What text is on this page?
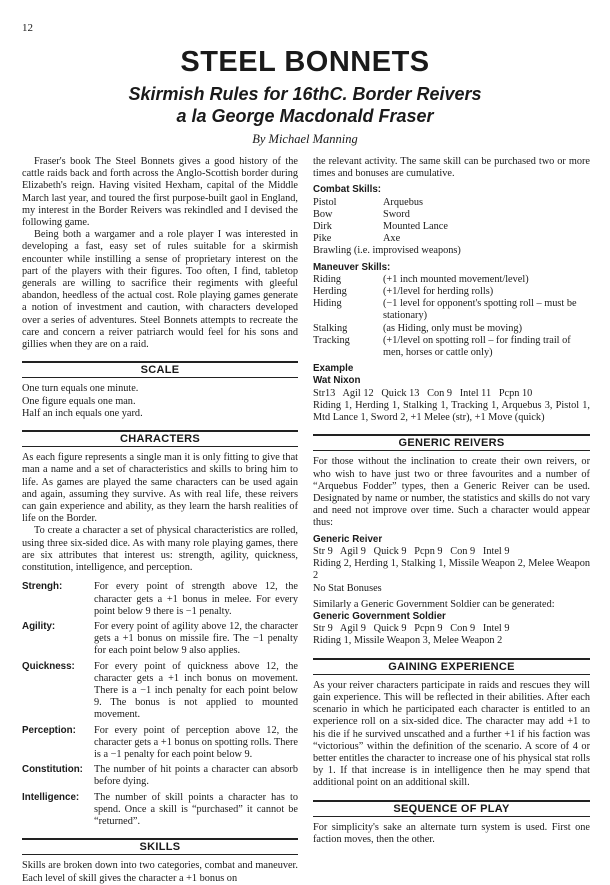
12
STEEL BONNETS
Skirmish Rules for 16thC. Border Reivers
a la George Macdonald Fraser
By Michael Manning

Fraser's book The Steel Bonnets gives a good history of the cattle raids back and forth across the Anglo-Scottish border during Elizabeth's reign. Having visited Hexham, capital of the Middle March last year, and toured the first purpose-built gaol in England, my interest in the Border Reivers was rekindled and I devised the following game.

Being both a wargamer and a role player I was interested in developing a fast, easy set of rules suitable for a skirmish encounter while instilling a sense of proprietary interest on the part of the players with their figures. Too often, I find, tabletop generals are willing to sacrifice their regiments with gleeful abandon, heedless of the actual cost. Role playing games generate a notion of investment and caution, with characters developed over a series of adventures. Steel Bonnets attempts to recreate the care and concern a reiver patriarch would feel for his sons and gillies when they are on a raid.

SCALE
One turn equals one minute.
One figure equals one man.
Half an inch equals one yard.
CHARACTERS

As each figure represents a single man it is only fitting to give that man a name and a set of characteristics and skills to bring him to life. As games are played the same characters can be used again and again, assuming they survive. As with real life, these reivers can gain experience and ability, as they learn the harsh realities of life on the Border.

To create a character a set of physical characteristics are rolled, using three six-sided dice. As with many role playing games, there are six attributes that interest us: strength, agility, quickness, constitution, intelligence, and perception.

Strengh:	For every point of strength above 12, the character gets a +1 bonus in melee. For every point below 9 there is −1 penalty.
Agility:	For every point of agility above 12, the character gets a +1 bonus on missile fire. The −1 penalty for each point below 9 also applies.
Quickness:	For every point of quickness above 12, the character gets a +1 inch bonus on movement. There is a −1 inch penalty for each point below 9. The bonus is not applied to mounted movement.
Perception:	For every point of perception above 12, the character gets a +1 bonus on spotting rolls. There is a −1 penalty for each point below 9.
Constitution:	The number of hit points a character can absorb before dying.
Intelligence:	The number of skill points a character has to spend. Once a skill is “purchased” it cannot be “returned”.
SKILLS

Skills are broken down into two categories, combat and maneuver. Each level of skill gives the character a +1 bonus on

the relevant activity. The same skill can be purchased two or more times and bonuses are cumulative.

Combat Skills:
Pistol	Arquebus
Bow	Sword
Dirk	Mounted Lance
Pike	Axe
Brawling (i.e. improvised weapons)
Maneuver Skills:
Riding	(+1 inch mounted movement/level)
Herding	(+1/level for herding rolls)
Hiding	(−1 level for opponent's spotting roll – must be stationary)
Stalking	(as Hiding, only must be moving)
Tracking	(+1/level on spotting roll – for finding trail of men, horses or cattle only)
Example
Wat Nixon
Str13   Agil 12   Quick 13   Con 9   Intel 11   Pcpn 10

Riding 1, Herding 1, Stalking 1, Tracking 1, Arquebus 3, Pistol 1, Mtd Lance 1, Sword 2, +1 Melee (str), +1 Move (quick)

GENERIC REIVERS

For those without the inclination to create their own reivers, or who wish to have just two or three favourites and a number of “Arquebus Fodder” types, then a Generic Reiver can be used. Designated by name or number, the statistics and skills do not vary and need not improve over time. Such a character would appear thus:

Generic Reiver
Str 9   Agil 9   Quick 9   Pcpn 9   Con 9   Intel 9

Riding 2, Herding 1, Stalking 1, Missile Weapon 2, Melee Weapon 2

No Stat Bonuses
Similarly a Generic Government Soldier can be generated:
Generic Government Soldier
Str 9   Agil 9   Quick 9   Pcpn 9   Con 9   Intel 9
Riding 1, Missile Weapon 3, Melee Weapon 2
GAINING EXPERIENCE

As your reiver characters participate in raids and rescues they will gain experience. This will be reflected in their abilities. After each scenario in which he participated each character is entitled to an experience roll on a six-sided dice. The character may add +1 to his die if he survived unscathed and a further +1 if his faction was “victorious” within the definition of the scenario. A score of 4 or better entitles the character to increase one of his physical stat rolls by 1. If that increase is in intelligence then he may spend that additional point on an additional skill.

SEQUENCE OF PLAY

For simplicity's sake an alternate turn system is used. First one faction moves, then the other.
